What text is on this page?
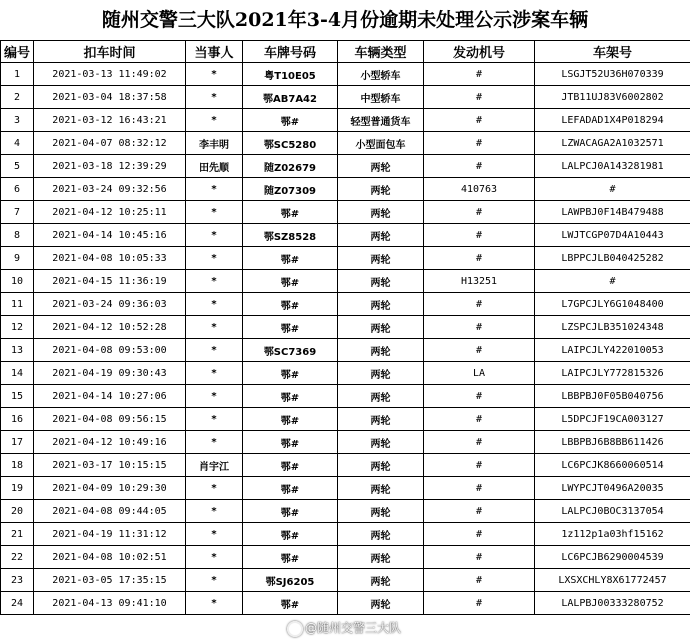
随州交警三大队2021年3-4月份逾期未处理公示涉案车辆
编号	扣车时间	当事人	车牌号码	车辆类型	发动机号	车架号
1	2021-03-13 11:49:02	*	粤T10E05	小型轿车	#	LSGJT52U36H070339
2	2021-03-04 18:37:58	*	鄂AB7A42	中型轿车	#	JTB11UJ83V6002802
3	2021-03-12 16:43:21	*	鄂#	轻型普通货车	#	LEFADAD1X4P018294
4	2021-04-07 08:32:12	李丰明	鄂SC5280	小型面包车	#	LZWACAGA2A1032571
5	2021-03-18 12:39:29	田先顺	随Z02679	两轮	#	LALPCJ0A143281981
6	2021-03-24 09:32:56	*	随Z07309	两轮	410763	#
7	2021-04-12 10:25:11	*	鄂#	两轮	#	LAWPBJ0F14B479488
8	2021-04-14 10:45:16	*	鄂SZ8528	两轮	#	LWJTCGP07D4A10443
9	2021-04-08 10:05:33	*	鄂#	两轮	#	LBPPCJLB040425282
10	2021-04-15 11:36:19	*	鄂#	两轮	H13251	#
11	2021-03-24 09:36:03	*	鄂#	两轮	#	L7GPCJLY6G1048400
12	2021-04-12 10:52:28	*	鄂#	两轮	#	LZSPCJLB351024348
13	2021-04-08 09:53:00	*	鄂SC7369	两轮	#	LAIPCJLY422010053
14	2021-04-19 09:30:43	*	鄂#	两轮	LA	LAIPCJLY772815326
15	2021-04-14 10:27:06	*	鄂#	两轮	#	LBBPBJ0F05B040756
16	2021-04-08 09:56:15	*	鄂#	两轮	#	L5DPCJF19CA003127
17	2021-04-12 10:49:16	*	鄂#	两轮	#	LBBPBJ6B8BB611426
18	2021-03-17 10:15:15	肖宇江	鄂#	两轮	#	LC6PCJK8660060514
19	2021-04-09 10:29:30	*	鄂#	两轮	#	LWYPCJT0496A20035
20	2021-04-08 09:44:05	*	鄂#	两轮	#	LALPCJ0BOC3137054
21	2021-04-19 11:31:12	*	鄂#	两轮	#	1z112p1a03hf15162
22	2021-04-08 10:02:51	*	鄂#	两轮	#	LC6PCJB6290004539
23	2021-03-05 17:35:15	*	鄂SJ6205	两轮	#	LXSXCHLY8X61772457
24	2021-04-13 09:41:10	*	鄂#	两轮	#	LALPBJ00333280752
@随州交警三大队
